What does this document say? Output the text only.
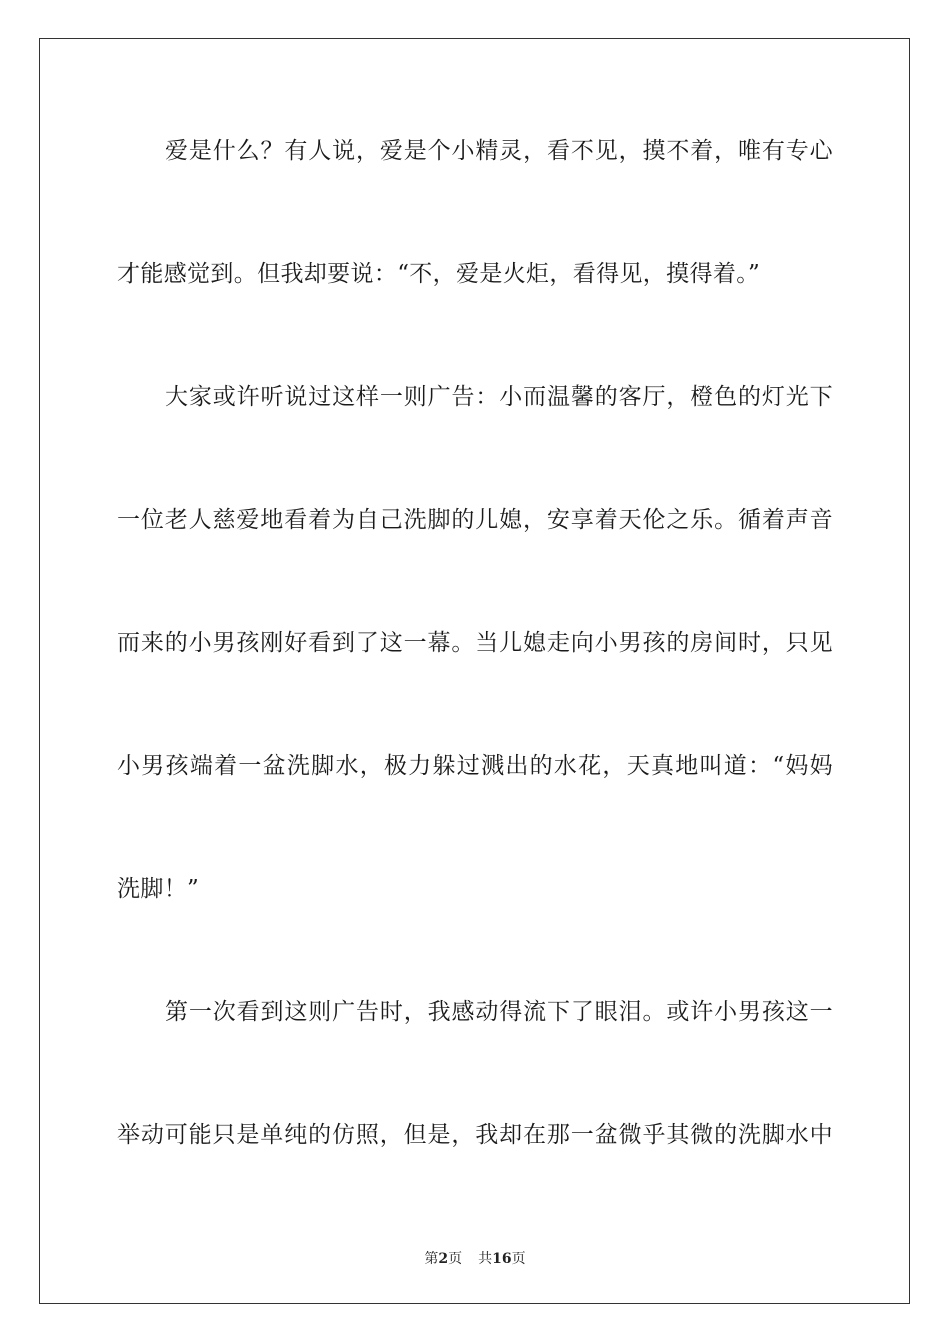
爱是什么？有人说，爱是个小精灵，看不见，摸不着，唯有专心
才能感觉到。但我却要说：“不，爱是火炬，看得见，摸得着。”
大家或许听说过这样一则广告：小而温馨的客厅，橙色的灯光下
一位老人慈爱地看着为自己洗脚的儿媳，安享着天伦之乐。循着声音
而来的小男孩刚好看到了这一幕。当儿媳走向小男孩的房间时，只见
小男孩端着一盆洗脚水，极力躲过溅出的水花，天真地叫道：“妈妈
洗脚！”
第一次看到这则广告时，我感动得流下了眼泪。或许小男孩这一
举动可能只是单纯的仿照，但是，我却在那一盆微乎其微的洗脚水中
第2页 共16页
